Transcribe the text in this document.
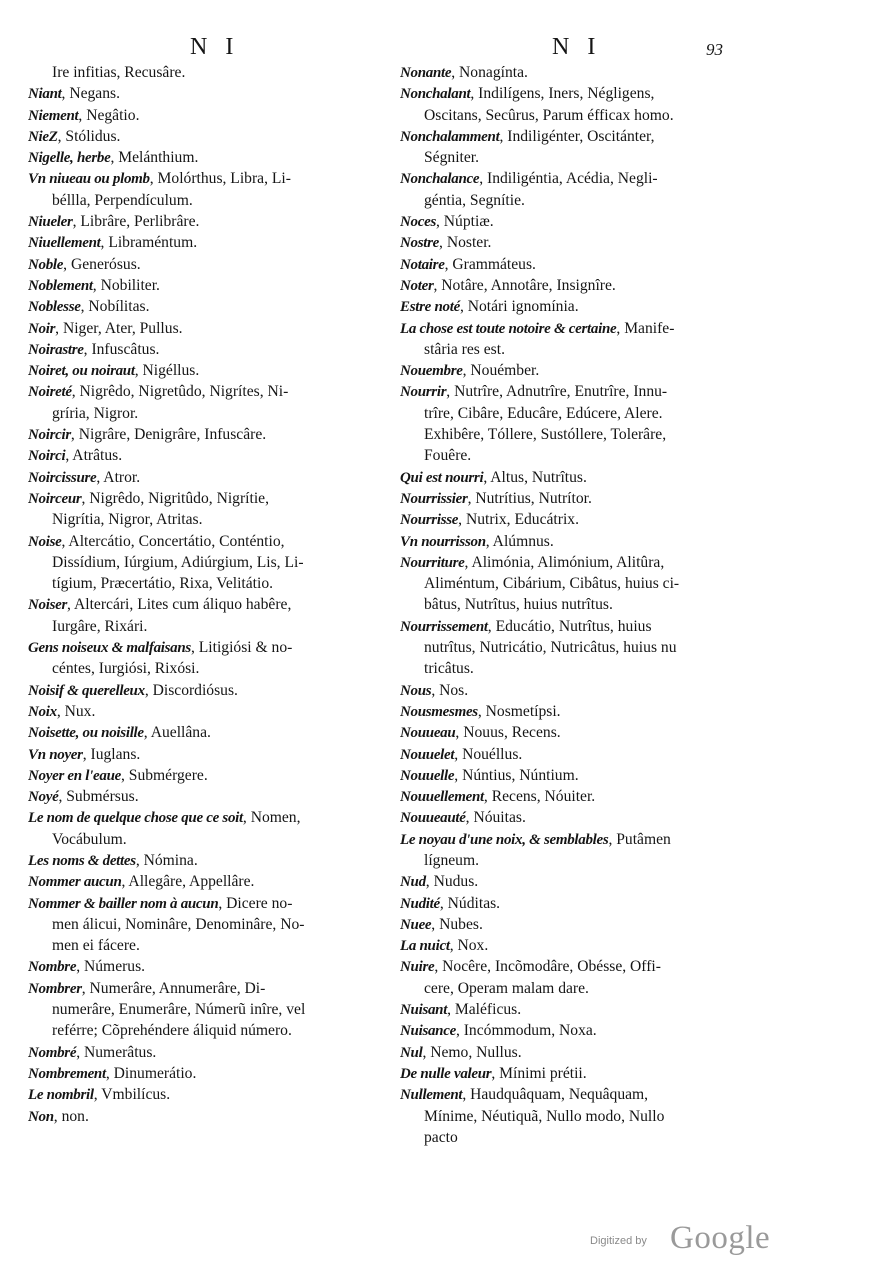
N I	N I	93
Ire infitias, Recusâre.
Niant, Negans.
Niement, Negâtio.
NieZ, Stólidus.
Nigelle, herbe, Melánthium.
Vn niueau ou plomb, Molórthus, Libra, Li-
béllla, Perpendículum.
Niueler, Librâre, Perlibrâre.
Niuellement, Libraméntum.
Noble, Generósus.
Noblement, Nobiliter.
Noblesse, Nobílitas.
Noir, Niger, Ater, Pullus.
Noirastre, Infuscâtus.
Noiret, ou noiraut, Nigéllus.
Noireté, Nigrêdo, Nigretûdo, Nigrítes, Ni-
gríria, Nigror.
Noircir, Nigrâre, Denigrâre, Infuscâre.
Noirci, Atrâtus.
Noircissure, Atror.
Noirceur, Nigrêdo, Nigritûdo, Nigrítie,
Nigrítia, Nigror, Atritas.
Noise, Altercátio, Concertátio, Conténtio,
Dissídium, Iúrgium, Adiúrgium, Lis, Li-
tígium, Præcertátio, Rixa, Velitátio.
Noiser, Altercári, Lites cum áliquo habêre,
Iurgâre, Rixári.
Gens noiseux & malfaisans, Litigiósi & no-
céntes, Iurgiósi, Rixósi.
Noisif & querelleux, Discordiósus.
Noix, Nux.
Noisette, ou noisille, Auellâna.
Vn noyer, Iuglans.
Noyer en l'eaue, Submérgere.
Noyé, Submérsus.
Le nom de quelque chose que ce soit, Nomen,
Vocábulum.
Les noms & dettes, Nómina.
Nommer aucun, Allegâre, Appellâre.
Nommer & bailler nom à aucun, Dicere no-
men álicui, Nominâre, Denominâre, No-
men ei fácere.
Nombre, Númerus.
Nombrer, Numerâre, Annumerâre, Di-
numerâre, Enumerâre, Númerũ inîre, vel
reférre; Cõprehéndere áliquid número.
Nombré, Numerâtus.
Nombrement, Dinumerátio.
Le nombril, Vmbilícus.
Non, non.
Nonante, Nonagínta.
Nonchalant, Indilígens, Iners, Négligens,
Oscitans, Secûrus, Parum éfficax homo.
Nonchalamment, Indiligénter, Oscitánter,
Ségniter.
Nonchalance, Indiligéntia, Acédia, Negli-
géntia, Segnítie.
Noces, Núptiæ.
Nostre, Noster.
Notaire, Grammáteus.
Noter, Notâre, Annotâre, Insignîre.
Estre noté, Notári ignomínia.
La chose est toute notoire & certaine, Manife-
stâria res est.
Nouembre, Nouémber.
Nourrir, Nutrîre, Adnutrîre, Enutrîre, Innu-
trîre, Cibâre, Educâre, Edúcere, Alere.
Exhibêre, Tóllere, Sustóllere, Tolerâre,
Fouêre.
Qui est nourri, Altus, Nutrîtus.
Nourrissier, Nutrítius, Nutrítor.
Nourrisse, Nutrix, Educátrix.
Vn nourrisson, Alúmnus.
Nourriture, Alimónia, Alimónium, Alitûra,
Aliméntum, Cibárium, Cibâtus, huius ci-
bâtus, Nutrîtus, huius nutrîtus.
Nourrissement, Educátio, Nutrîtus, huius
nutrîtus, Nutricátio, Nutricâtus, huius nu
tricâtus.
Nous, Nos.
Nousmesmes, Nosmetípsi.
Nouueau, Nouus, Recens.
Nouuelet, Nouéllus.
Nouuelle, Núntius, Núntium.
Nouuellement, Recens, Nóuiter.
Nouueauté, Nóuitas.
Le noyau d'une noix, & semblables, Putâmen
lígneum.
Nud, Nudus.
Nudité, Núditas.
Nuee, Nubes.
La nuict, Nox.
Nuire, Nocêre, Incõmodâre, Obésse, Offi-
cere, Operam malam dare.
Nuisant, Maléficus.
Nuisance, Incómmodum, Noxa.
Nul, Nemo, Nullus.
De nulle valeur, Mínimi prétii.
Nullement, Haudquâquam, Nequâquam,
Mínime, Néutiquã, Nullo modo, Nullo
pacto
Digitized by Google
